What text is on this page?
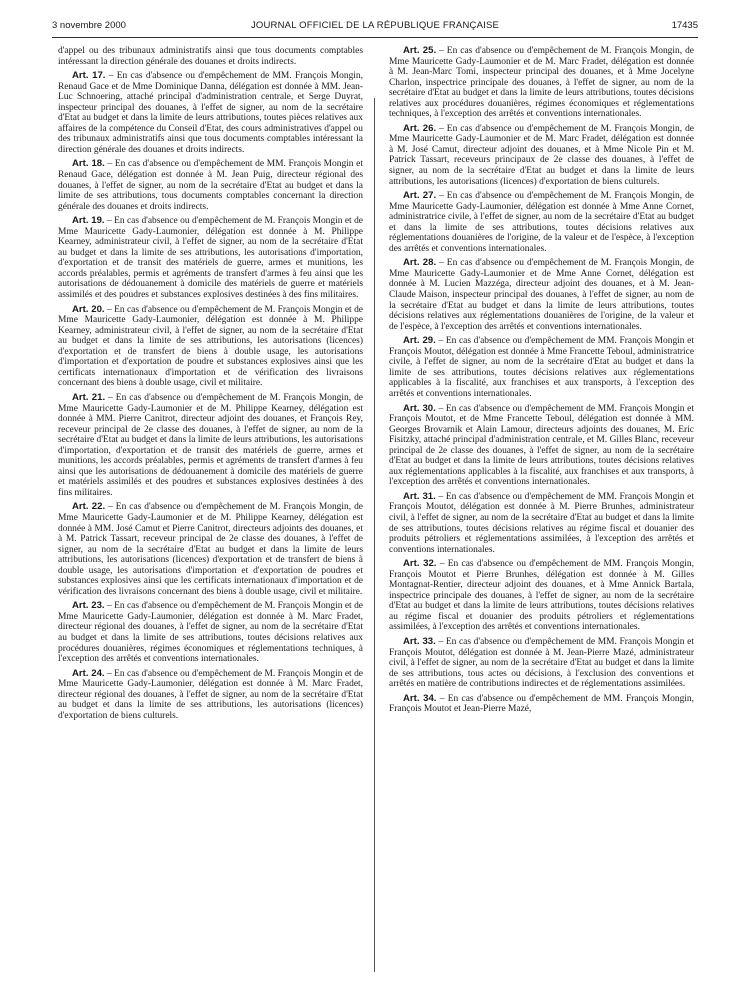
3 novembre 2000	JOURNAL OFFICIEL DE LA RÉPUBLIQUE FRANÇAISE	17435

d'appel ou des tribunaux administratifs ainsi que tous documents comptables intéressant la direction générale des douanes et droits indirects.

Art. 17. – En cas d'absence ou d'empêchement de MM. François Mongin, Renaud Gace et de Mme Dominique Danna, délégation est donnée à MM. Jean-Luc Schnoering, attaché principal d'administration centrale, et Serge Duyrat, inspecteur principal des douanes, à l'effet de signer, au nom de la secrétaire d'Etat au budget et dans la limite de leurs attributions, toutes pièces relatives aux affaires de la compétence du Conseil d'Etat, des cours administratives d'appel ou des tribunaux administratifs ainsi que tous documents comptables intéressant la direction générale des douanes et droits indirects.

Art. 18. – En cas d'absence ou d'empêchement de MM. François Mongin et Renaud Gace, délégation est donnée à M. Jean Puig, directeur régional des douanes, à l'effet de signer, au nom de la secrétaire d'Etat au budget et dans la limite de ses attributions, tous documents comptables concernant la direction générale des douanes et droits indirects.

Art. 19. – En cas d'absence ou d'empêchement de M. François Mongin et de Mme Mauricette Gady-Laumonier, délégation est donnée à M. Philippe Kearney, administrateur civil, à l'effet de signer, au nom de la secrétaire d'Etat au budget et dans la limite de ses attributions, les autorisations d'importation, d'exportation et de transit des matériels de guerre, armes et munitions, les accords préalables, permis et agréments de transfert d'armes à feu ainsi que les autorisations de dédouanement à domicile des matériels de guerre et matériels assimilés et des poudres et substances explosives destinées à des fins militaires.

Art. 20. – En cas d'absence ou d'empêchement de M. François Mongin et de Mme Mauricette Gady-Laumonier, délégation est donnée à M. Philippe Kearney, administrateur civil, à l'effet de signer, au nom de la secrétaire d'Etat au budget et dans la limite de ses attributions, les autorisations (licences) d'exportation et de transfert de biens à double usage, les autorisations d'importation et d'exportation de poudre et substances explosives ainsi que les certificats internationaux d'importation et de vérification des livraisons concernant des biens à double usage, civil et militaire.

Art. 21. – En cas d'absence ou d'empêchement de M. François Mongin, de Mme Mauricette Gady-Laumonier et de M. Philippe Kearney, délégation est donnée à MM. Pierre Canitrot, directeur adjoint des douanes, et François Rey, receveur principal de 2e classe des douanes, à l'effet de signer, au nom de la secrétaire d'Etat au budget et dans la limite de leurs attributions, les autorisations d'importation, d'exportation et de transit des matériels de guerre, armes et munitions, les accords préalables, permis et agréments de transfert d'armes à feu ainsi que les autorisations de dédouanement à domicile des matériels de guerre et matériels assimilés et des poudres et substances explosives destinées à des fins militaires.

Art. 22. – En cas d'absence ou d'empêchement de M. François Mongin, de Mme Mauricette Gady-Laumonier et de M. Philippe Kearney, délégation est donnée à MM. José Camut et Pierre Canitrot, directeurs adjoints des douanes, et à M. Patrick Tassart, receveur principal de 2e classe des douanes, à l'effet de signer, au nom de la secrétaire d'Etat au budget et dans la limite de leurs attributions, les autorisations (licences) d'exportation et de transfert de biens à double usage, les autorisations d'importation et d'exportation de poudres et substances explosives ainsi que les certificats internationaux d'importation et de vérification des livraisons concernant des biens à double usage, civil et militaire.

Art. 23. – En cas d'absence ou d'empêchement de M. François Mongin et de Mme Mauricette Gady-Laumonier, délégation est donnée à M. Marc Fradet, directeur régional des douanes, à l'effet de signer, au nom de la secrétaire d'Etat au budget et dans la limite de ses attributions, toutes décisions relatives aux procédures douanières, régimes économiques et réglementations techniques, à l'exception des arrêtés et conventions internationales.

Art. 24. – En cas d'absence ou d'empêchement de M. François Mongin et de Mme Mauricette Gady-Laumonier, délégation est donnée à M. Marc Fradet, directeur régional des douanes, à l'effet de signer, au nom de la secrétaire d'Etat au budget et dans la limite de ses attributions, les autorisations (licences) d'exportation de biens culturels.

Art. 25. – En cas d'absence ou d'empêchement de M. François Mongin, de Mme Mauricette Gady-Laumonier et de M. Marc Fradet, délégation est donnée à M. Jean-Marc Tomi, inspecteur principal des douanes, et à Mme Jocelyne Charlon, inspectrice principale des douanes, à l'effet de signer, au nom de la secrétaire d'Etat au budget et dans la limite de leurs attributions, toutes décisions relatives aux procédures douanières, régimes économiques et réglementations techniques, à l'exception des arrêtés et conventions internationales.

Art. 26. – En cas d'absence ou d'empêchement de M. François Mongin, de Mme Mauricette Gady-Laumonier et de M. Marc Fradet, délégation est donnée à M. José Camut, directeur adjoint des douanes, et à Mme Nicole Pin et M. Patrick Tassart, receveurs principaux de 2e classe des douanes, à l'effet de signer, au nom de la secrétaire d'Etat au budget et dans la limite de leurs attributions, les autorisations (licences) d'exportation de biens culturels.

Art. 27. – En cas d'absence ou d'empêchement de M. François Mongin, de Mme Mauricette Gady-Laumonier, délégation est donnée à Mme Anne Cornet, administratrice civile, à l'effet de signer, au nom de la secrétaire d'Etat au budget et dans la limite de ses attributions, toutes décisions relatives aux réglementations douanières de l'origine, de la valeur et de l'espèce, à l'exception des arrêtés et conventions internationales.

Art. 28. – En cas d'absence ou d'empêchement de M. François Mongin, de Mme Mauricette Gady-Laumonier et de Mme Anne Cornet, délégation est donnée à M. Lucien Mazzéga, directeur adjoint des douanes, et à M. Jean-Claude Maison, inspecteur principal des douanes, à l'effet de signer, au nom de la secrétaire d'Etat au budget et dans la limite de leurs attributions, toutes décisions relatives aux réglementations douanières de l'origine, de la valeur et de l'espèce, à l'exception des arrêtés et conventions internationales.

Art. 29. – En cas d'absence ou d'empêchement de MM. François Mongin et François Moutot, délégation est donnée à Mme Francette Teboul, administratrice civile, à l'effet de signer, au nom de la secrétaire d'Etat au budget et dans la limite de ses attributions, toutes décisions relatives aux réglementations applicables à la fiscalité, aux franchises et aux transports, à l'exception des arrêtés et conventions internationales.

Art. 30. – En cas d'absence ou d'empêchement de MM. François Mongin et François Moutot, et de Mme Francette Teboul, délégation est donnée à MM. Georges Brovarnik et Alain Lamour, directeurs adjoints des douanes, M. Eric Fisitzky, attaché principal d'administration centrale, et M. Gilles Blanc, receveur principal de 2e classe des douanes, à l'effet de signer, au nom de la secrétaire d'Etat au budget et dans la limite de leurs attributions, toutes décisions relatives aux réglementations applicables à la fiscalité, aux franchises et aux transports, à l'exception des arrêtés et conventions internationales.

Art. 31. – En cas d'absence ou d'empêchement de MM. François Mongin et François Moutot, délégation est donnée à M. Pierre Brunhes, administrateur civil, à l'effet de signer, au nom de la secrétaire d'Etat au budget et dans la limite de ses attributions, toutes décisions relatives au régime fiscal et douanier des produits pétroliers et réglementations assimilées, à l'exception des arrêtés et conventions internationales.

Art. 32. – En cas d'absence ou d'empêchement de MM. François Mongin, François Moutot et Pierre Brunhes, délégation est donnée à M. Gilles Montagnat-Rentier, directeur adjoint des douanes, et à Mme Annick Bartala, inspectrice principale des douanes, à l'effet de signer, au nom de la secrétaire d'Etat au budget et dans la limite de leurs attributions, toutes décisions relatives au régime fiscal et douanier des produits pétroliers et réglementations assimilées, à l'exception des arrêtés et conventions internationales.

Art. 33. – En cas d'absence ou d'empêchement de MM. François Mongin et François Moutot, délégation est donnée à M. Jean-Pierre Mazé, administrateur civil, à l'effet de signer, au nom de la secrétaire d'Etat au budget et dans la limite de ses attributions, tous actes ou décisions, à l'exclusion des conventions et arrêtés en matière de contributions indirectes et de réglementations assimilées.

Art. 34. – En cas d'absence ou d'empêchement de MM. François Mongin, François Moutot et Jean-Pierre Mazé,
